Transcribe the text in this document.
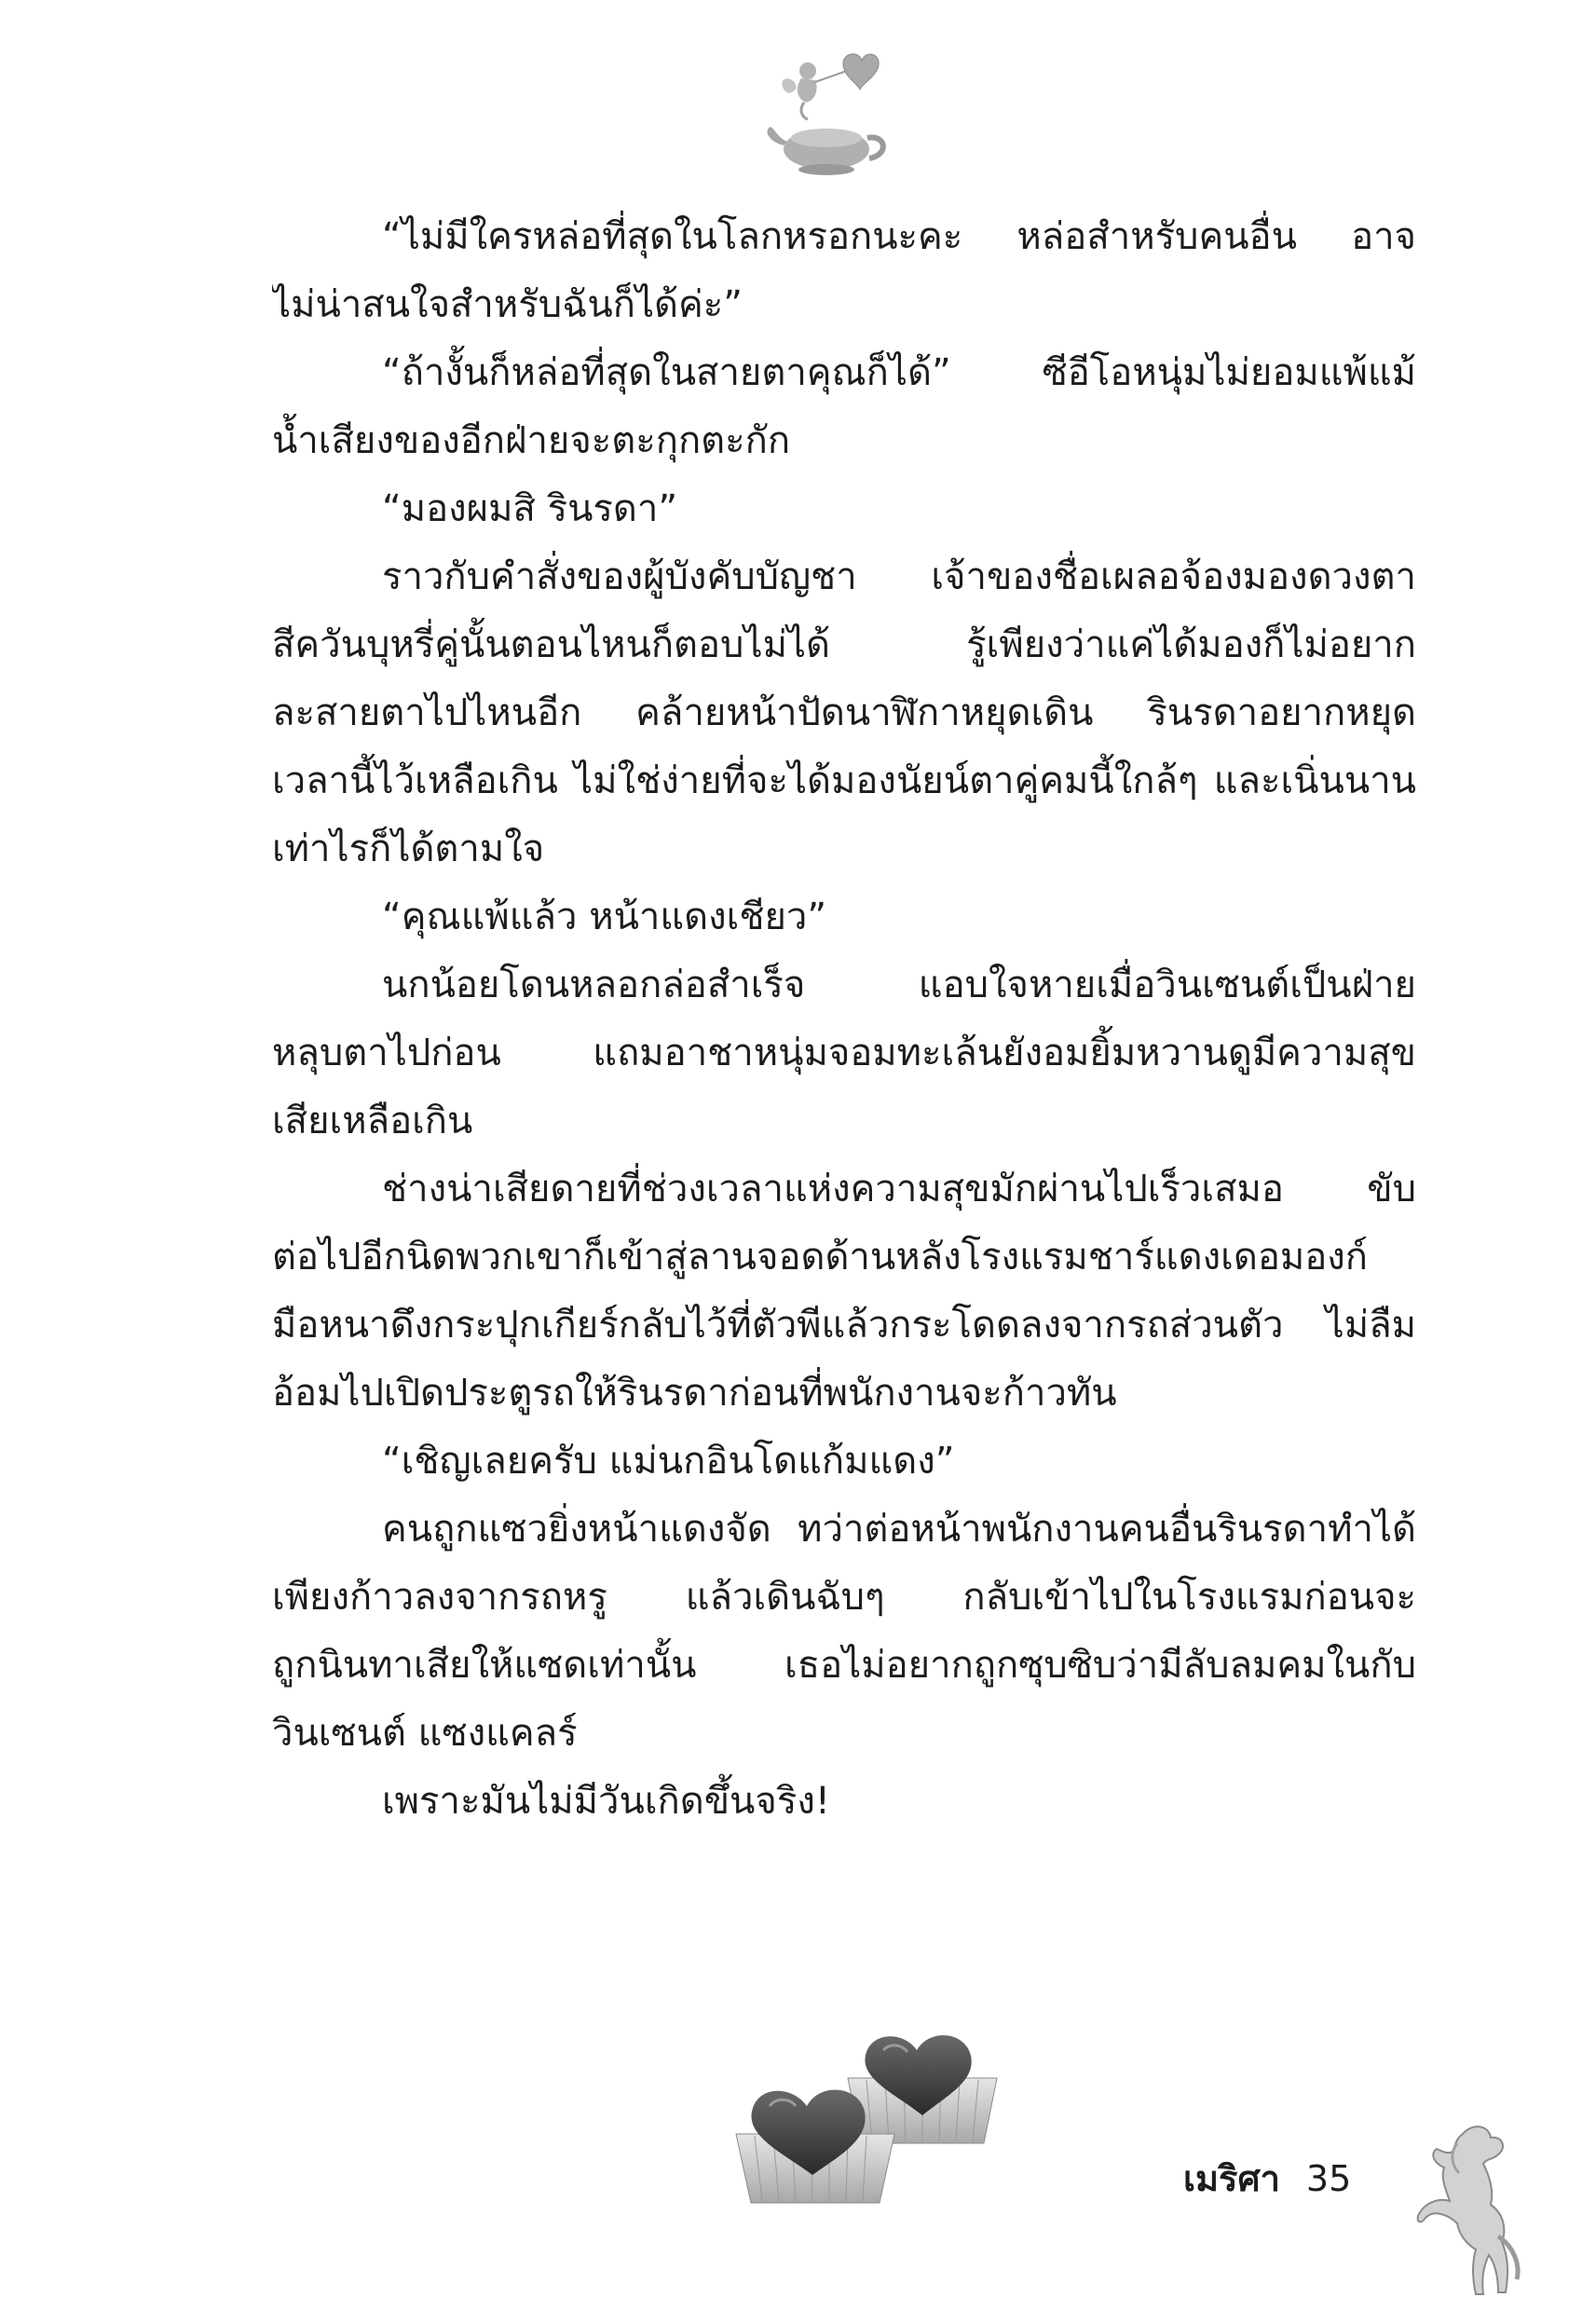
“ไม่มีใครหล่อที่สุดในโลกหรอกนะคะ หล่อสำหรับคนอื่น อาจ
ไม่น่าสนใจสำหรับฉันก็ได้ค่ะ”
“ถ้างั้นก็หล่อที่สุดในสายตาคุณก็ได้” ซีอีโอหนุ่มไม่ยอมแพ้แม้
น้ำเสียงของอีกฝ่ายจะตะกุกตะกัก
“มองผมสิ รินรดา”
ราวกับคำสั่งของผู้บังคับบัญชา เจ้าของชื่อเผลอจ้องมองดวงตา
สีควันบุหรี่คู่นั้นตอนไหนก็ตอบไม่ได้ รู้เพียงว่าแค่ได้มองก็ไม่อยาก
ละสายตาไปไหนอีก คล้ายหน้าปัดนาฬิกาหยุดเดิน รินรดาอยากหยุด
เวลานี้ไว้เหลือเกิน ไม่ใช่ง่ายที่จะได้มองนัยน์ตาคู่คมนี้ใกล้ๆ และเนิ่นนาน
เท่าไรก็ได้ตามใจ
“คุณแพ้แล้ว หน้าแดงเชียว”
นกน้อยโดนหลอกล่อสำเร็จ แอบใจหายเมื่อวินเซนต์เป็นฝ่าย
หลุบตาไปก่อน แถมอาชาหนุ่มจอมทะเล้นยังอมยิ้มหวานดูมีความสุข
เสียเหลือเกิน
ช่างน่าเสียดายที่ช่วงเวลาแห่งความสุขมักผ่านไปเร็วเสมอ ขับ
ต่อไปอีกนิดพวกเขาก็เข้าสู่ลานจอดด้านหลังโรงแรมชาร์แดงเดอมองก์
มือหนาดึงกระปุกเกียร์กลับไว้ที่ตัวพีแล้วกระโดดลงจากรถส่วนตัว ไม่ลืม
อ้อมไปเปิดประตูรถให้รินรดาก่อนที่พนักงานจะก้าวทัน
“เชิญเลยครับ แม่นกอินโดแก้มแดง”
คนถูกแซวยิ่งหน้าแดงจัด ทว่าต่อหน้าพนักงานคนอื่นรินรดาทำได้
เพียงก้าวลงจากรถหรู แล้วเดินฉับๆ กลับเข้าไปในโรงแรมก่อนจะ
ถูกนินทาเสียให้แซดเท่านั้น เธอไม่อยากถูกซุบซิบว่ามีลับลมคมในกับ
วินเซนต์ แซงแคลร์
เพราะมันไม่มีวันเกิดขึ้นจริง!
เมริศา 35
